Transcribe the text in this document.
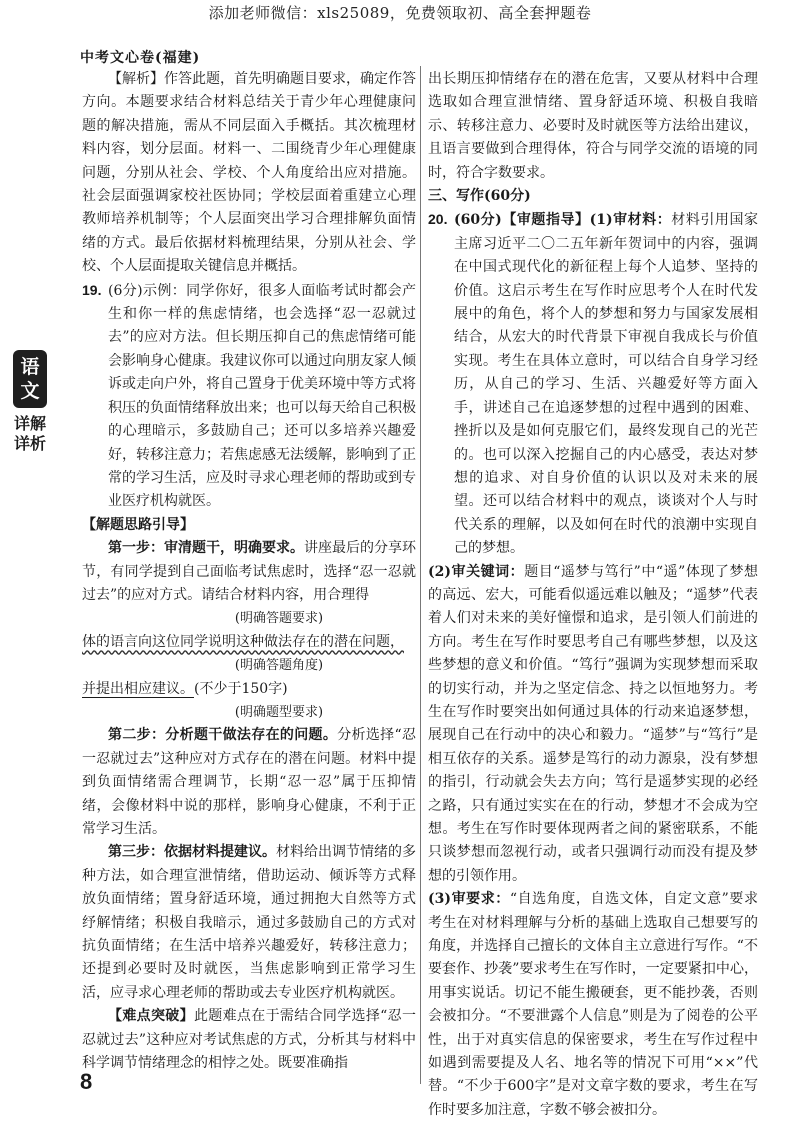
添加老师微信：xls25089，免费领取初、高全套押题卷
中考文心卷(福建)
语文
详解详析

【解析】作答此题，首先明确题目要求，确定作答方向。本题要求结合材料总结关于青少年心理健康问题的解决措施，需从不同层面入手概括。其次梳理材料内容，划分层面。材料一、二围绕青少年心理健康问题，分别从社会、学校、个人角度给出应对措施。社会层面强调家校社医协同；学校层面着重建立心理教师培养机制等；个人层面突出学习合理排解负面情绪的方式。最后依据材料梳理结果，分别从社会、学校、个人层面提取关键信息并概括。

19. (6分)示例：同学你好，很多人面临考试时都会产生和你一样的焦虑情绪，也会选择“忍一忍就过去”的应对方法。但长期压抑自己的焦虑情绪可能会影响身心健康。我建议你可以通过向朋友家人倾诉或走向户外，将自己置身于优美环境中等方式将积压的负面情绪释放出来；也可以每天给自己积极的心理暗示，多鼓励自己；还可以多培养兴趣爱好，转移注意力；若焦虑感无法缓解，影响到了正常的学习生活，应及时寻求心理老师的帮助或到专业医疗机构就医。

【解题思路引导】

第一步：审清题干，明确要求。讲座最后的分享环节，有同学提到自己面临考试焦虑时，选择“忍一忍就过去”的应对方式。请结合材料内容，用合理得

(明确答题要求)

体的语言向这位同学说明这种做法存在的潜在问题，

(明确答题角度)

并提出相应建议。(不少于150字)

(明确题型要求)

第二步：分析题干做法存在的问题。分析选择“忍一忍就过去”这种应对方式存在的潜在问题。材料中提到负面情绪需合理调节，长期“忍一忍”属于压抑情绪，会像材料中说的那样，影响身心健康，不利于正常学习生活。

第三步：依据材料提建议。材料给出调节情绪的多种方法，如合理宣泄情绪，借助运动、倾诉等方式释放负面情绪；置身舒适环境，通过拥抱大自然等方式纾解情绪；积极自我暗示，通过多鼓励自己的方式对抗负面情绪；在生活中培养兴趣爱好，转移注意力；还提到必要时及时就医，当焦虑影响到正常学习生活，应寻求心理老师的帮助或去专业医疗机构就医。

【难点突破】此题难点在于需结合同学选择“忍一忍就过去”这种应对考试焦虑的方式，分析其与材料中科学调节情绪理念的相悖之处。既要准确指

出长期压抑情绪存在的潜在危害，又要从材料中合理选取如合理宣泄情绪、置身舒适环境、积极自我暗示、转移注意力、必要时及时就医等方法给出建议，且语言要做到合理得体，符合与同学交流的语境的同时，符合字数要求。

三、写作(60分)

20. (60分)【审题指导】(1)审材料：材料引用国家主席习近平二〇二五年新年贺词中的内容，强调在中国式现代化的新征程上每个人追梦、坚持的价值。这启示考生在写作时应思考个人在时代发展中的角色，将个人的梦想和努力与国家发展相结合，从宏大的时代背景下审视自我成长与价值实现。考生在具体立意时，可以结合自身学习经历，从自己的学习、生活、兴趣爱好等方面入手，讲述自己在追逐梦想的过程中遇到的困难、挫折以及是如何克服它们，最终发现自己的光芒的。也可以深入挖掘自己的内心感受，表达对梦想的追求、对自身价值的认识以及对未来的展望。还可以结合材料中的观点，谈谈对个人与时代关系的理解，以及如何在时代的浪潮中实现自己的梦想。

(2)审关键词：题目“遥梦与笃行”中“遥”体现了梦想的高远、宏大，可能看似遥远难以触及；“遥梦”代表着人们对未来的美好憧憬和追求，是引领人们前进的方向。考生在写作时要思考自己有哪些梦想，以及这些梦想的意义和价值。“笃行”强调为实现梦想而采取的切实行动，并为之坚定信念、持之以恒地努力。考生在写作时要突出如何通过具体的行动来追逐梦想，展现自己在行动中的决心和毅力。“遥梦”与“笃行”是相互依存的关系。遥梦是笃行的动力源泉，没有梦想的指引，行动就会失去方向；笃行是遥梦实现的必经之路，只有通过实实在在的行动，梦想才不会成为空想。考生在写作时要体现两者之间的紧密联系，不能只谈梦想而忽视行动，或者只强调行动而没有提及梦想的引领作用。

(3)审要求：“自选角度，自选文体，自定文意”要求考生在对材料理解与分析的基础上选取自己想要写的角度，并选择自己擅长的文体自主立意进行写作。“不要套作、抄袭”要求考生在写作时，一定要紧扣中心，用事实说话。切记不能生搬硬套，更不能抄袭，否则会被扣分。“不要泄露个人信息”则是为了阅卷的公平性，出于对真实信息的保密要求，考生在写作过程中如遇到需要提及人名、地名等的情况下可用“××”代替。“不少于600字”是对文章字数的要求，考生在写作时要多加注意，字数不够会被扣分。

8
